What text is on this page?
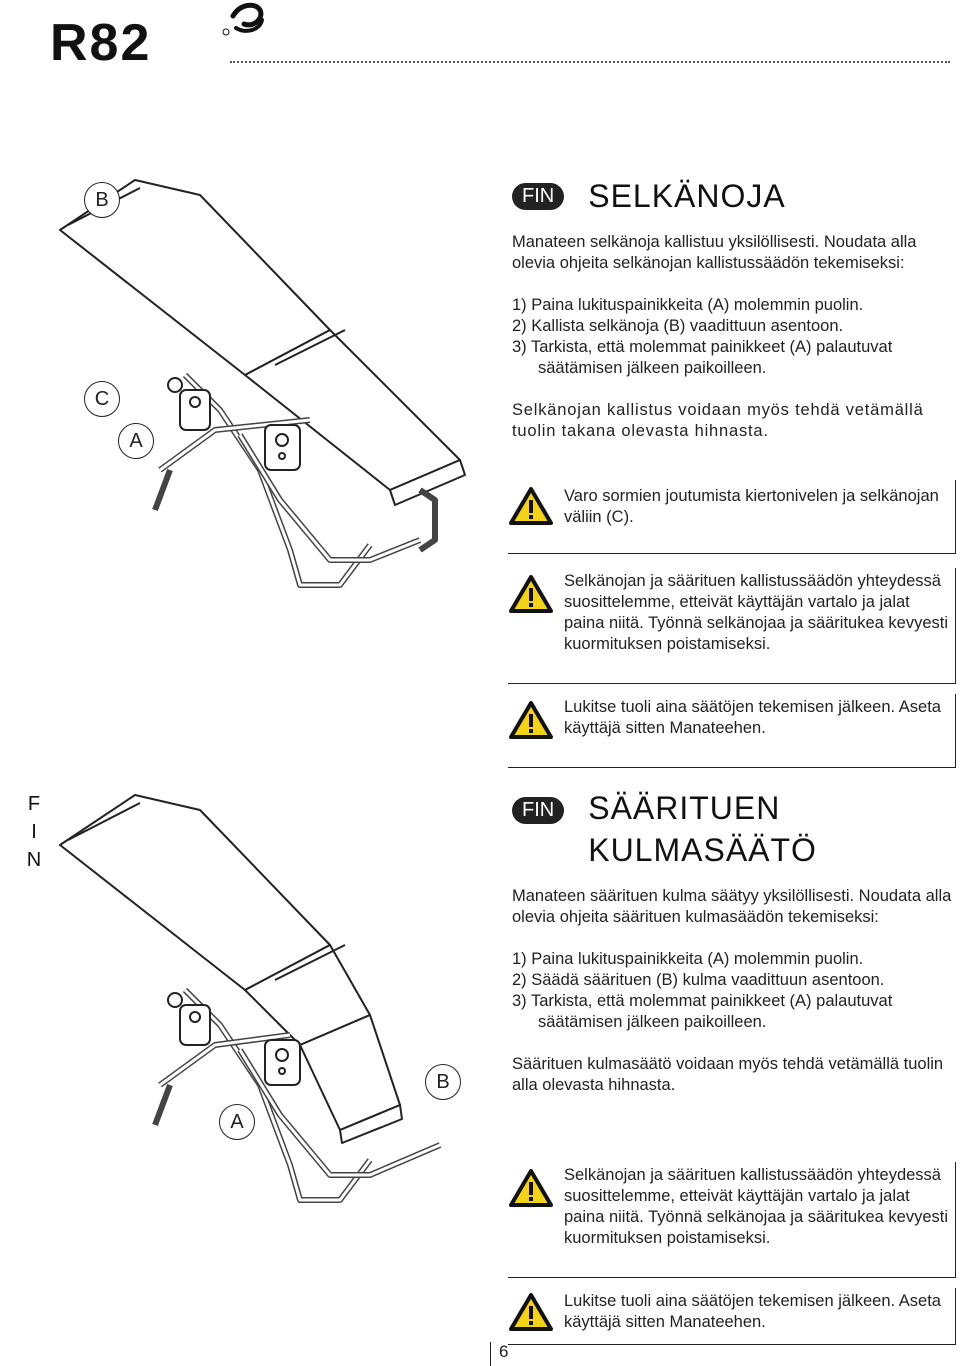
R82
B
C
A
FIN	SELKÄNOJA

Manateen selkänoja kallistuu yksilöllisesti. Noudata alla olevia ohjeita selkänojan kallistussäädön tekemiseksi:

1) Paina lukituspainikkeita (A) molemmin puolin.
2) Kallista selkänoja (B) vaadittuun asentoon.
3) Tarkista, että molemmat painikkeet (A) palautuvat säätämisen jälkeen paikoilleen.
Selkänojan kallistus voidaan myös tehdä vetämällä tuolin takana olevasta hihnasta.
Varo sormien joutumista kiertonivelen ja selkänojan väliin (C).
Selkänojan ja säärituen kallistussäädön yhteydessä suosittelemme, etteivät käyttäjän vartalo ja jalat paina niitä. Työnnä selkänojaa ja sääritukea kevyesti kuormituksen poistamiseksi.
Lukitse tuoli aina säätöjen tekemisen jälkeen. Aseta käyttäjä sitten Manateehen.
F
I
N
A
B
FIN	SÄÄRITUEN
KULMASÄÄTÖ

Manateen säärituen kulma säätyy yksilöllisesti. Noudata alla olevia ohjeita säärituen kulmasäädön tekemiseksi:

1) Paina lukituspainikkeita (A) molemmin puolin.
2) Säädä säärituen (B) kulma vaadittuun asentoon.
3) Tarkista, että molemmat painikkeet (A) palautuvat säätämisen jälkeen paikoilleen.
Säärituen kulmasäätö voidaan myös tehdä vetämällä tuolin alla olevasta hihnasta.
Selkänojan ja säärituen kallistussäädön yhteydessä suosittelemme, etteivät käyttäjän vartalo ja jalat paina niitä. Työnnä selkänojaa ja sääritukea kevyesti kuormituksen poistamiseksi.
Lukitse tuoli aina säätöjen tekemisen jälkeen. Aseta käyttäjä sitten Manateehen.
6
